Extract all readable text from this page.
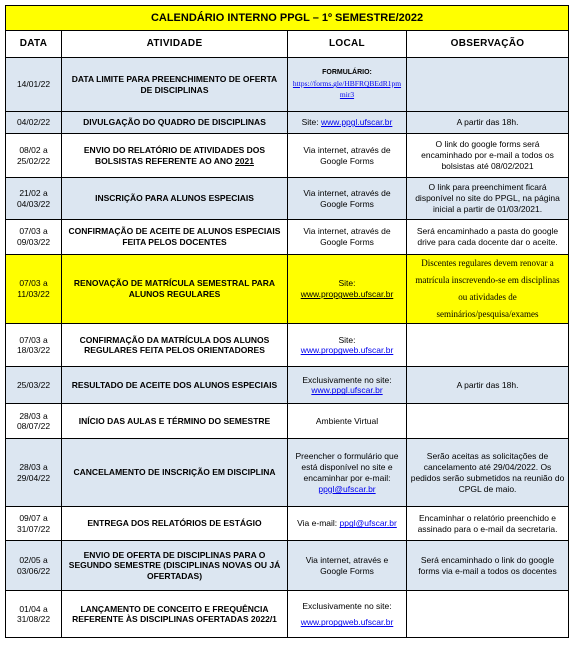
CALENDÁRIO INTERNO PPGL – 1º SEMESTRE/2022			
DATA	ATIVIDADE	LOCAL	OBSERVAÇÃO
14/01/22	DATA LIMITE PARA PREENCHIMENTO DE OFERTA DE DISCIPLINAS	FORMULÁRIO:
https://forms.gle/HBFRQBEdR1pmmir3	
04/02/22	DIVULGAÇÃO DO QUADRO DE DISCIPLINAS	Site: www.ppgl.ufscar.br	A partir das 18h.
08/02 a 25/02/22	ENVIO DO RELATÓRIO DE ATIVIDADES DOS BOLSISTAS REFERENTE AO ANO 2021	Via internet, através de Google Forms	O link do google forms será encaminhado por e-mail a todos os bolsistas até 08/02/2021
21/02 a 04/03/22	INSCRIÇÃO PARA ALUNOS ESPECIAIS	Via internet, através de Google Forms	O link para preenchiment ficará disponível no site do PPGL, na página inicial a partir de 01/03/2021.
07/03 a 09/03/22	CONFIRMAÇÃO DE ACEITE DE ALUNOS ESPECIAIS FEITA PELOS DOCENTES	Via internet, através de Google Forms	Será encaminhado a pasta do google drive para cada docente dar o aceite.
07/03 a 11/03/22	RENOVAÇÃO DE MATRÍCULA SEMESTRAL PARA ALUNOS REGULARES	Site:
www.propgweb.ufscar.br	Discentes regulares devem renovar a matrícula inscrevendo-se em disciplinas ou atividades de seminários/pesquisa/exames
07/03 a 18/03/22	CONFIRMAÇÃO DA MATRÍCULA DOS ALUNOS REGULARES FEITA PELOS ORIENTADORES	Site:
www.propgweb.ufscar.br	
25/03/22	RESULTADO DE ACEITE DOS ALUNOS ESPECIAIS	Exclusivamente no site:
www.ppgl.ufscar.br	A partir das 18h.
28/03 a 08/07/22	INÍCIO DAS AULAS E TÉRMINO DO SEMESTRE	Ambiente Virtual	
28/03 a 29/04/22	CANCELAMENTO DE INSCRIÇÃO EM DISCIPLINA	Preencher o formulário que está disponível no site e encaminhar por e-mail: ppgl@ufscar.br	Serão aceitas as solicitações de cancelamento até 29/04/2022. Os pedidos serão submetidos na reunião do CPGL de maio.
09/07 a 31/07/22	ENTREGA DOS RELATÓRIOS DE ESTÁGIO	Via e-mail: ppgl@ufscar.br	Encaminhar o relatório preenchido e assinado para o e-mail da secretaria.
02/05 a 03/06/22	ENVIO DE OFERTA DE DISCIPLINAS PARA O SEGUNDO SEMESTRE (DISCIPLINAS NOVAS OU JÁ OFERTADAS)	Via internet, através e Google Forms	Será encaminhado o link do google forms via e-mail a todos os docentes
01/04 a 31/08/22	LANÇAMENTO DE CONCEITO E FREQUÊNCIA REFERENTE ÀS DISCIPLINAS OFERTADAS 2022/1	Exclusivamente no site:
www.propgweb.ufscar.br	
